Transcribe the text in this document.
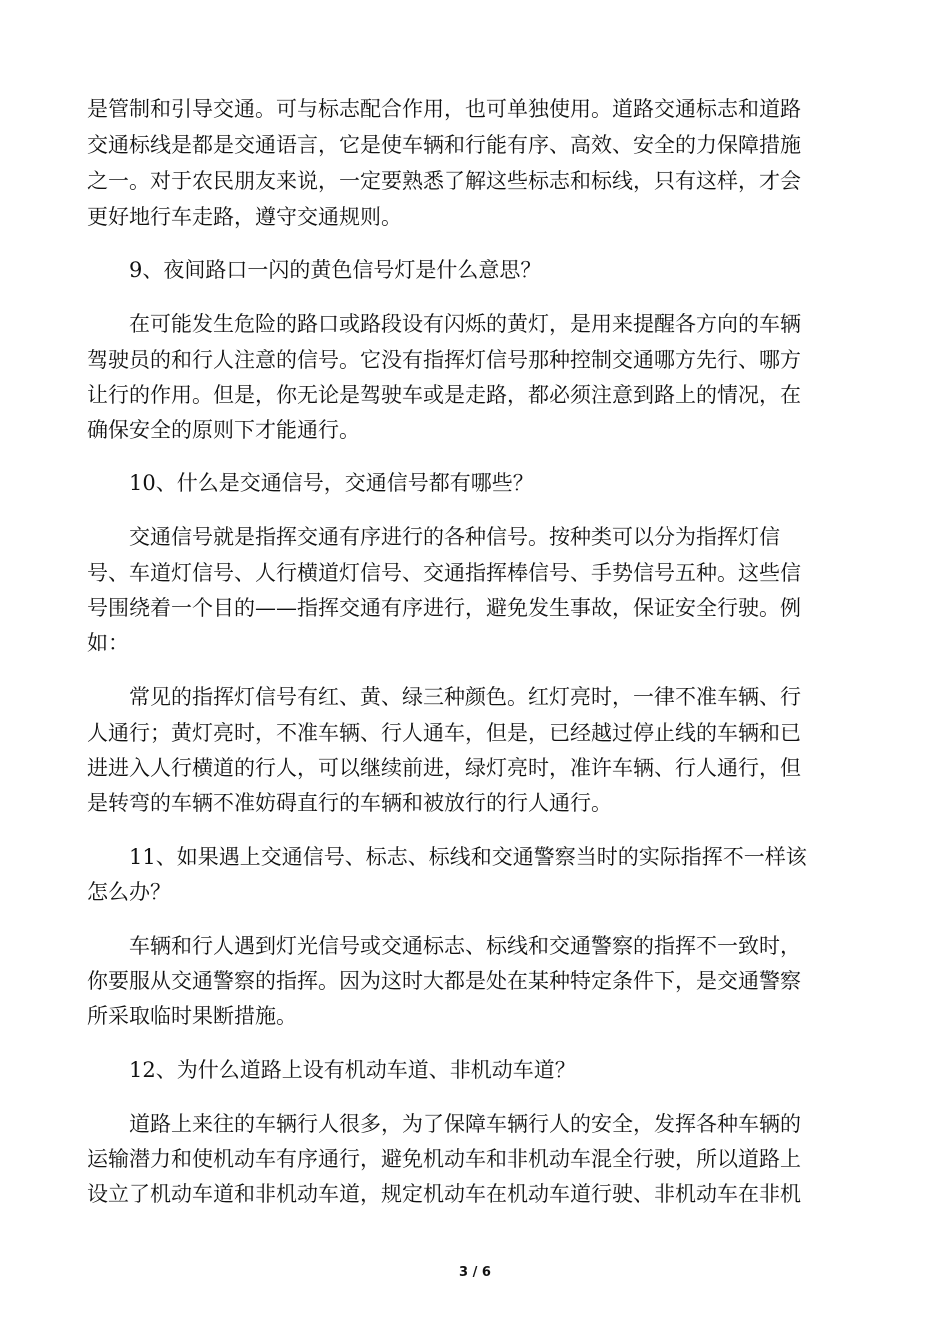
是管制和引导交通。可与标志配合作用，也可单独使用。道路交通标志和道路
交通标线是都是交通语言，它是使车辆和行能有序、高效、安全的力保障措施
之一。对于农民朋友来说，一定要熟悉了解这些标志和标线，只有这样，才会
更好地行车走路，遵守交通规则。
9、夜间路口一闪的黄色信号灯是什么意思？
在可能发生危险的路口或路段设有闪烁的黄灯，是用来提醒各方向的车辆
驾驶员的和行人注意的信号。它没有指挥灯信号那种控制交通哪方先行、哪方
让行的作用。但是，你无论是驾驶车或是走路，都必须注意到路上的情况，在
确保安全的原则下才能通行。
10、什么是交通信号，交通信号都有哪些？
交通信号就是指挥交通有序进行的各种信号。按种类可以分为指挥灯信
号、车道灯信号、人行横道灯信号、交通指挥棒信号、手势信号五种。这些信
号围绕着一个目的——指挥交通有序进行，避免发生事故，保证安全行驶。例
如：
常见的指挥灯信号有红、黄、绿三种颜色。红灯亮时，一律不准车辆、行
人通行；黄灯亮时，不准车辆、行人通车，但是，已经越过停止线的车辆和已
进进入人行横道的行人，可以继续前进，绿灯亮时，准许车辆、行人通行，但
是转弯的车辆不准妨碍直行的车辆和被放行的行人通行。
11、如果遇上交通信号、标志、标线和交通警察当时的实际指挥不一样该
怎么办？
车辆和行人遇到灯光信号或交通标志、标线和交通警察的指挥不一致时，
你要服从交通警察的指挥。因为这时大都是处在某种特定条件下，是交通警察
所采取临时果断措施。
12、为什么道路上设有机动车道、非机动车道？
道路上来往的车辆行人很多，为了保障车辆行人的安全，发挥各种车辆的
运输潜力和使机动车有序通行，避免机动车和非机动车混全行驶，所以道路上
设立了机动车道和非机动车道，规定机动车在机动车道行驶、非机动车在非机
3 / 6
